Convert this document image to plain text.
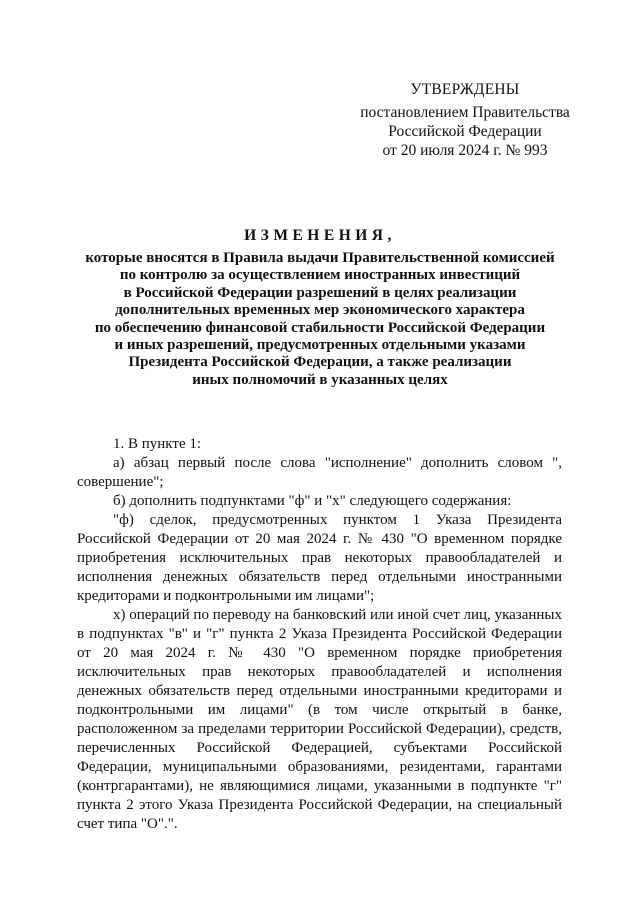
УТВЕРЖДЕНЫ
постановлением Правительства
Российской Федерации
от 20 июля 2024 г. № 993
ИЗМЕНЕНИЯ,
которые вносятся в Правила выдачи Правительственной комиссией
по контролю за осуществлением иностранных инвестиций
в Российской Федерации разрешений в целях реализации
дополнительных временных мер экономического характера
по обеспечению финансовой стабильности Российской Федерации
и иных разрешений, предусмотренных отдельными указами
Президента Российской Федерации, а также реализации
иных полномочий в указанных целях

1. В пункте 1:

а) абзац первый после слова "исполнение" дополнить словом ", совершение";

б) дополнить подпунктами "ф" и "х" следующего содержания:

"ф) сделок, предусмотренных пунктом 1 Указа Президента Российской Федерации от 20 мая 2024 г. № 430 "О временном порядке приобретения исключительных прав некоторых правообладателей и исполнения денежных обязательств перед отдельными иностранными кредиторами и подконтрольными им лицами";

х) операций по переводу на банковский или иной счет лиц, указанных в подпунктах "в" и "г" пункта 2 Указа Президента Российской Федерации от 20 мая 2024 г. № 430 "О временном порядке приобретения исключительных прав некоторых правообладателей и исполнения денежных обязательств перед отдельными иностранными кредиторами и подконтрольными им лицами" (в том числе открытый в банке, расположенном за пределами территории Российской Федерации), средств, перечисленных Российской Федерацией, субъектами Российской Федерации, муниципальными образованиями, резидентами, гарантами (контргарантами), не являющимися лицами, указанными в подпункте "г" пункта 2 этого Указа Президента Российской Федерации, на специальный счет типа "О".".
